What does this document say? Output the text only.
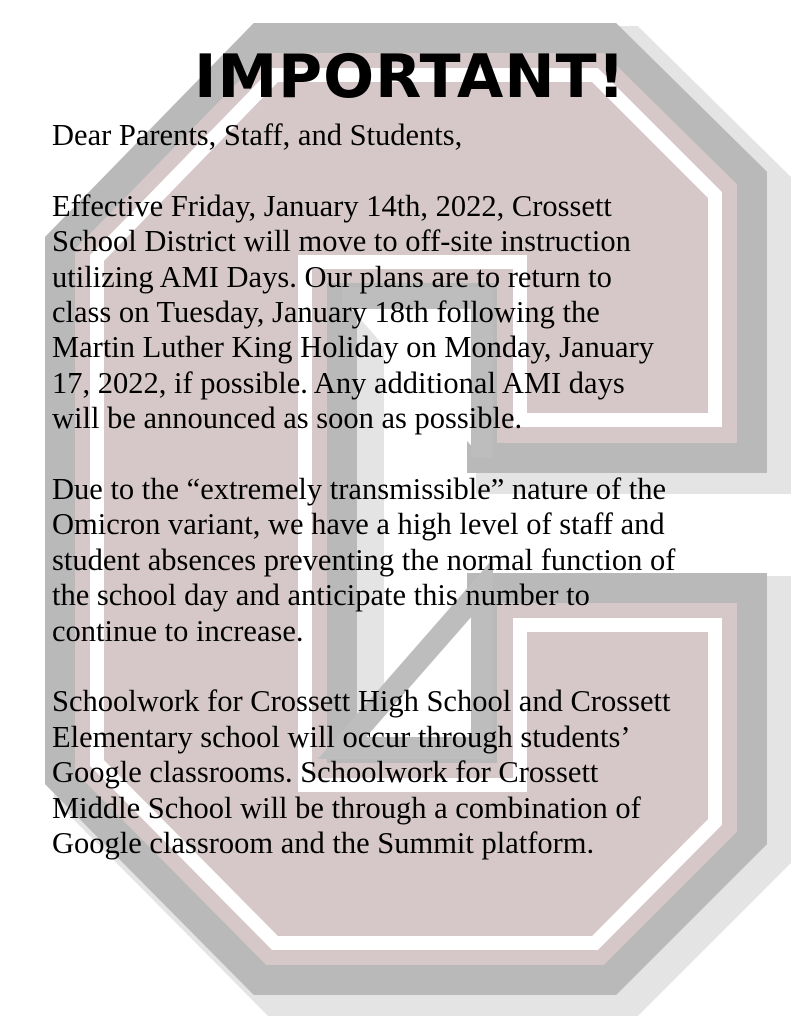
IMPORTANT!

Dear Parents, Staff, and Students,

Effective Friday, January 14th, 2022, Crossett
School District will move to off-site instruction
utilizing AMI Days. Our plans are to return to
class on Tuesday, January 18th following the
Martin Luther King Holiday on Monday, January
17, 2022, if possible. Any additional AMI days
will be announced as soon as possible.

Due to the “extremely transmissible” nature of the
Omicron variant, we have a high level of staff and
student absences preventing the normal function of
the school day and anticipate this number to
continue to increase.

Schoolwork for Crossett High School and Crossett
Elementary school will occur through students’
Google classrooms. Schoolwork for Crossett
Middle School will be through a combination of
Google classroom and the Summit platform.
